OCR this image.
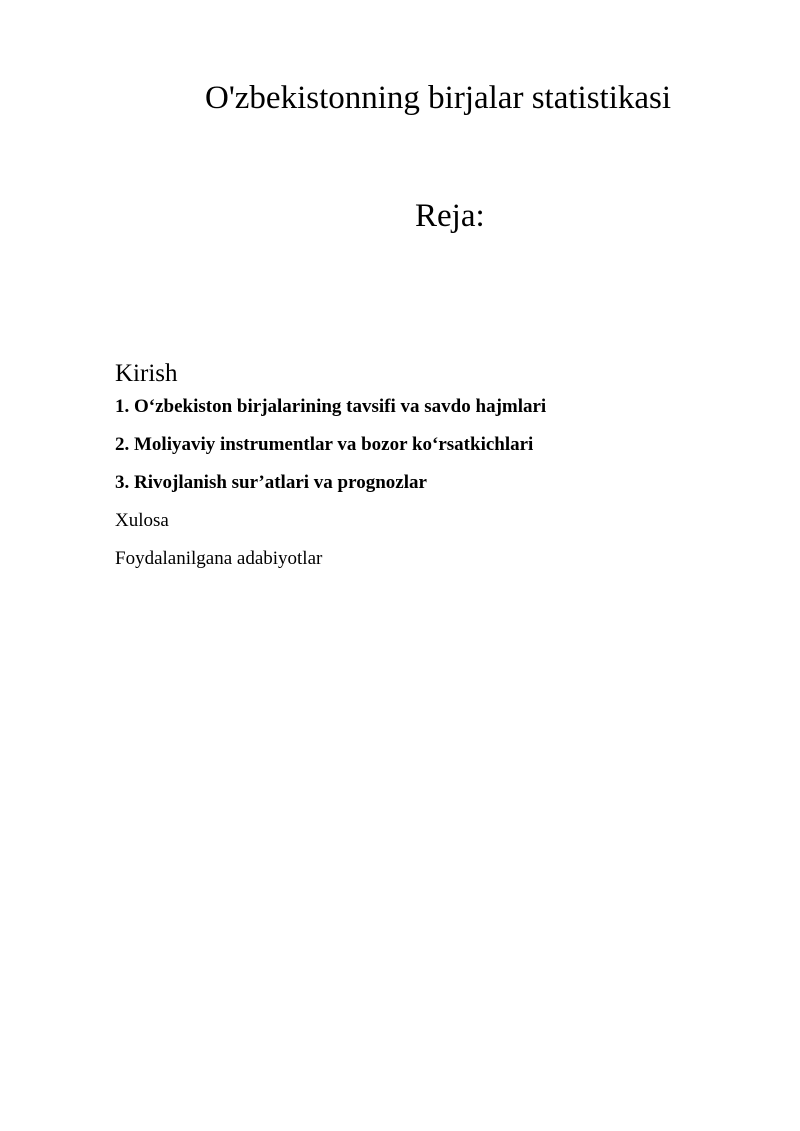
O'zbekistonning birjalar statistikasi
Reja:
Kirish
1. O‘zbekiston birjalarining tavsifi va savdo hajmlari
2. Moliyaviy instrumentlar va bozor ko‘rsatkichlari
3. Rivojlanish sur’atlari va prognozlar
Xulosa
Foydalanilgana adabiyotlar
